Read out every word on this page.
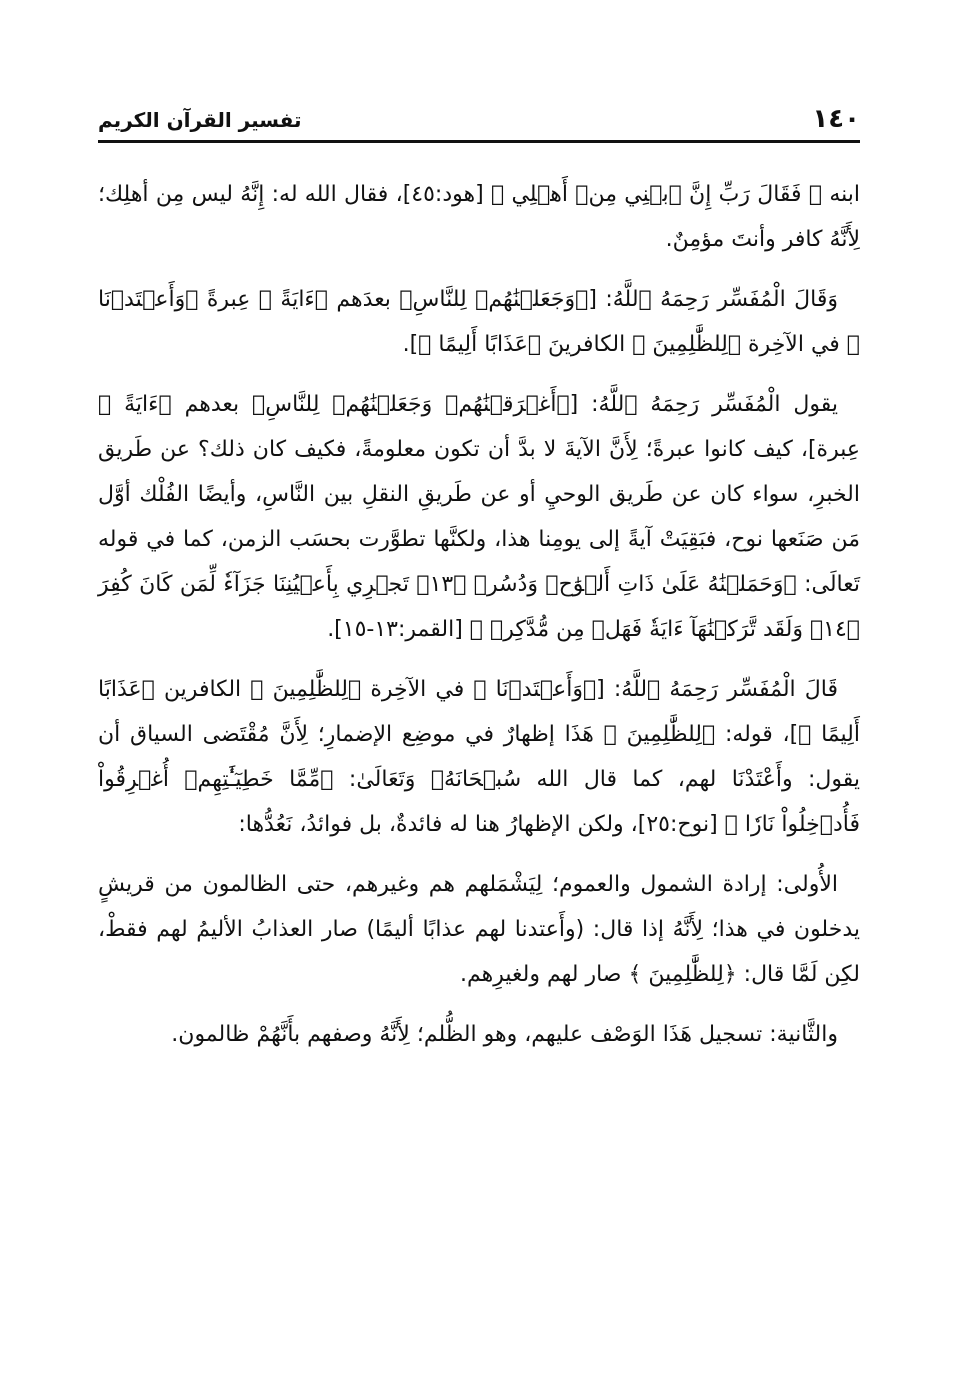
١٤٠
تفسير القرآن الكريم

ابنه ﴿ فَقَالَ رَبِّ إِنَّ ٱبۡنِي مِنۡ أَهۡلِي ﴾ [هود:٤٥]، فقال الله له: إِنَّهُ ليس مِن أهلِك؛ لِأَنَّهُ كافر وأنتَ مؤمِنٌ.

وَقَالَ الْمُفَسِّر رَحِمَهُ ٱللَّهُ: [﴿وَجَعَلۡنَٰهُمۡ لِلنَّاسِ﴾ بعدَهم ﴿ءَايَةً ﴾ عِبرةً ﴿وَأَعۡتَدۡنَا ﴾ في الآخِرة ﴿لِلظَّٰلِمِينَ ﴾ الكافرينَ ﴿عَذَابًا أَلِيمًا ﴾].

يقول الْمُفَسِّر رَحِمَهُ ٱللَّهُ: [﴿أَغۡرَقۡنَٰهُمۡ وَجَعَلۡنَٰهُمۡ لِلنَّاسِ﴾ بعدهم ﴿ءَايَةً ﴾ عِبرة]، كيف كانوا عبرةً؛ لِأَنَّ الآيةَ لا بدَّ أن تكون معلومةً، فكيف كان ذلك؟ عن طَريق الخبرِ، سواء كان عن طَريق الوحيِ أو عن طَريقِ النقلِ بين النَّاسِ، وأيضًا الفُلْك أوَّل مَن صَنَعها نوح، فبَقِيَتْ آيةً إلى يومِنا هذا، ولكنَّها تطوَّرت بحسَب الزمن، كما في قوله تَعالَى: ﴿وَحَمَلۡنَٰهُ عَلَىٰ ذَاتِ أَلۡوَٰحٖ وَدُسُرٖ ﴿١٣﴾ تَجۡرِي بِأَعۡيُنِنَا جَزَآءٗ لِّمَن كَانَ كُفِرَ ﴿١٤﴾ وَلَقَد تَّرَكۡنَٰهَآ ءَايَةٗ فَهَلۡ مِن مُّدَّكِرٖ ﴾ [القمر:١٣-١٥].

قَالَ الْمُفَسِّر رَحِمَهُ ٱللَّهُ: [﴿وَأَعۡتَدۡنَا ﴾ في الآخِرة ﴿لِلظَّٰلِمِينَ ﴾ الكافرين ﴿عَذَابًا أَلِيمًا ﴾]، قوله: ﴿لِلظَّٰلِمِينَ ﴾ هَذَا إظهارٌ في موضِع الإضمارِ؛ لِأَنَّ مُقْتَضى السياق أن يقول: وأَعْتَدْنَا لهم، كما قال الله سُبۡحَانَهُۥ وَتَعَالَىٰ: ﴿مِّمَّا خَطِيٓـَٰٔتِهِمۡ أُغۡرِقُواْ فَأُدۡخِلُواْ نَارٗا ﴾ [نوح:٢٥]، ولكن الإظهارُ هنا له فائدةٌ، بل فوائدُ، نَعُدُّها:

الأُولى: إرادة الشمول والعموم؛ لِيَشْمَلهم هم وغيرهم، حتى الظالمون من قريشٍ يدخلون في هذا؛ لِأَنَّهُ إذا قال: (وأَعتدنا لهم عذابًا أليمًا) صار العذابُ الأليمُ لهم فقطْ، لكِن لَمَّا قال: ﴿لِلظَّٰلِمِينَ ﴾ صار لهم ولغيرِهم.

والثَّانية: تسجيل هَذَا الوَصْف عليهم، وهو الظُّلم؛ لِأَنَّهُ وصفهم بأَنَّهُمْ ظالمون.
